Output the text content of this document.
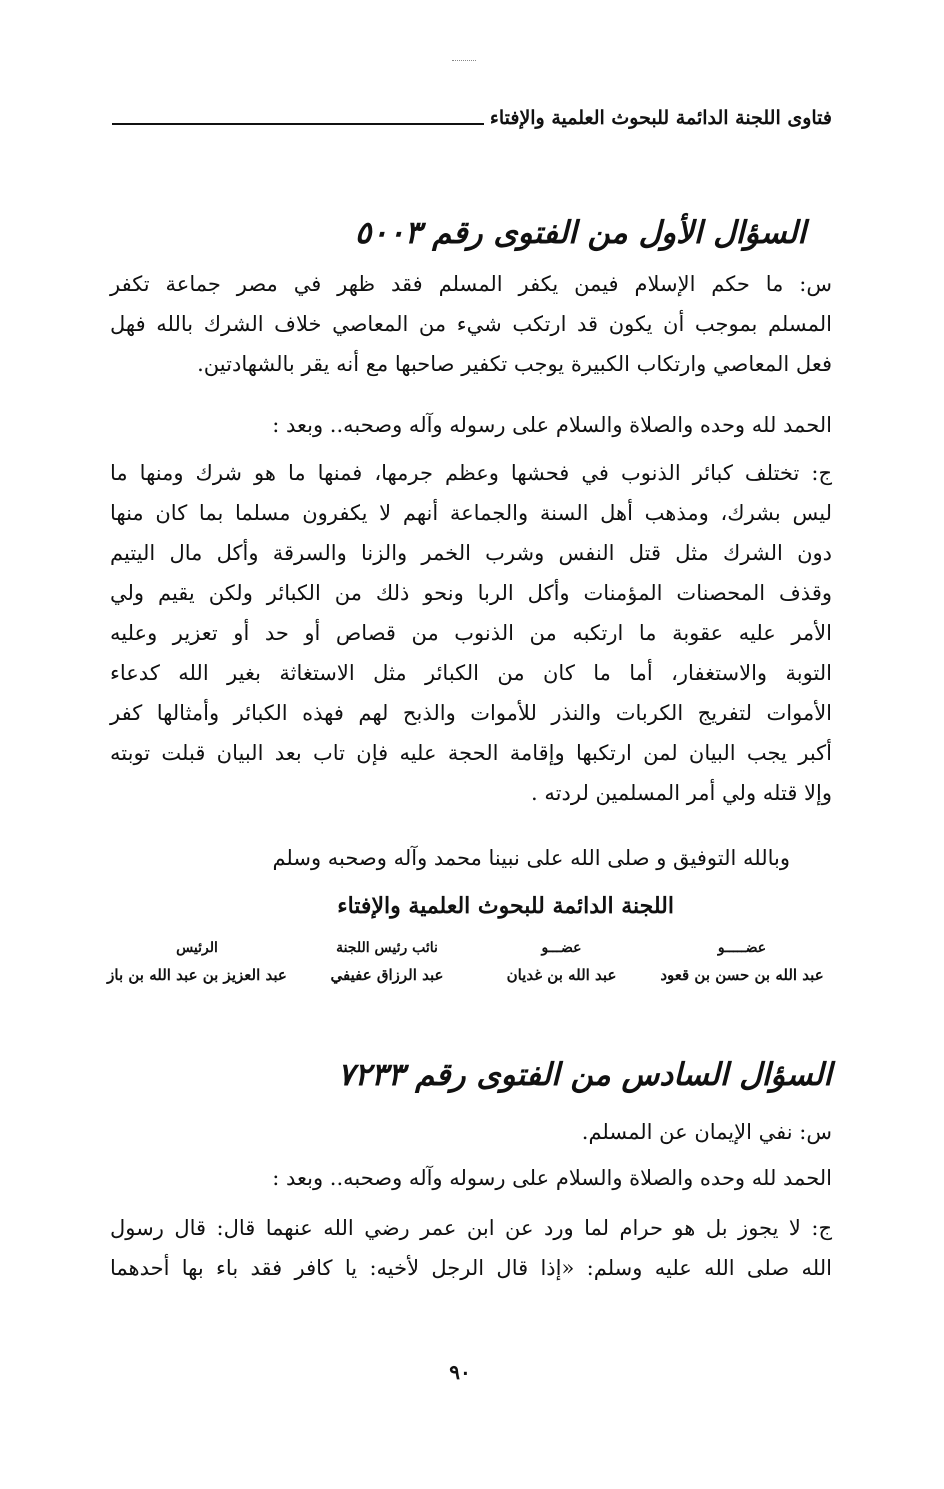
فتاوى اللجنة الدائمة للبحوث العلمية والإفتاء
السؤال الأول من الفتوى رقم ٥٠٠٣
س: ما حكم الإسلام فيمن يكفر المسلم فقد ظهر في مصر جماعة تكفر
المسلم بموجب أن يكون قد ارتكب شيء من المعاصي خلاف الشرك بالله فهل
فعل المعاصي وارتكاب الكبيرة يوجب تكفير صاحبها مع أنه يقر بالشهادتين.
الحمد لله وحده والصلاة والسلام على رسوله وآله وصحبه.. وبعد :
ج: تختلف كبائر الذنوب في فحشها وعظم جرمها، فمنها ما هو شرك ومنها ما
ليس بشرك، ومذهب أهل السنة والجماعة أنهم لا يكفرون مسلما بما كان منها
دون الشرك مثل قتل النفس وشرب الخمر والزنا والسرقة وأكل مال اليتيم
وقذف المحصنات المؤمنات وأكل الربا ونحو ذلك من الكبائر ولكن يقيم ولي
الأمر عليه عقوبة ما ارتكبه من الذنوب من قصاص أو حد أو تعزير وعليه
التوبة والاستغفار، أما ما كان من الكبائر مثل الاستغاثة بغير الله كدعاء
الأموات لتفريج الكربات والنذر للأموات والذبح لهم فهذه الكبائر وأمثالها كفر
أكبر يجب البيان لمن ارتكبها وإقامة الحجة عليه فإن تاب بعد البيان قبلت توبته
وإلا قتله ولي أمر المسلمين لردته .
وبالله التوفيق و صلى الله على نبينا محمد وآله وصحبه وسلم
اللجنة الدائمة للبحوث العلمية والإفتاء
عضـــــو
عبد الله بن حسن بن قعود
عضـــو
عبد الله بن غديان
نائب رئيس اللجنة
عبد الرزاق عفيفي
الرئيس
عبد العزيز بن عبد الله بن باز
السؤال السادس من الفتوى رقم ٧٢٣٣
س: نفي الإيمان عن المسلم.
الحمد لله وحده والصلاة والسلام على رسوله وآله وصحبه.. وبعد :
ج: لا يجوز بل هو حرام لما ورد عن ابن عمر رضي الله عنهما قال: قال رسول
الله صلى الله عليه وسلم: «إذا قال الرجل لأخيه: يا كافر فقد باء بها أحدهما
٩٠
